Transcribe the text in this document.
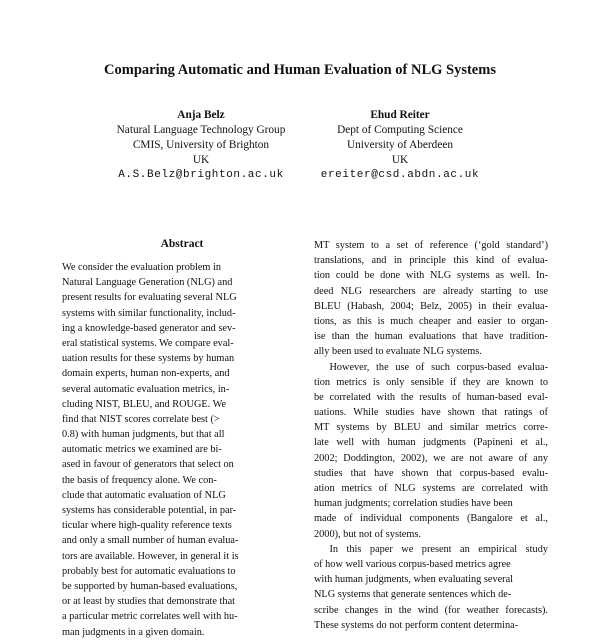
Comparing Automatic and Human Evaluation of NLG Systems
Anja Belz
Natural Language Technology Group
CMIS, University of Brighton
UK
A.S.Belz@brighton.ac.uk
Ehud Reiter
Dept of Computing Science
University of Aberdeen
UK
ereiter@csd.abdn.ac.uk
Abstract
We consider the evaluation problem in
Natural Language Generation (NLG) and
present results for evaluating several NLG
systems with similar functionality, includ-
ing a knowledge-based generator and sev-
eral statistical systems. We compare eval-
uation results for these systems by human
domain experts, human non-experts, and
several automatic evaluation metrics, in-
cluding NIST, BLEU, and ROUGE. We
find that NIST scores correlate best (>
0.8) with human judgments, but that all
automatic metrics we examined are bi-
ased in favour of generators that select on
the basis of frequency alone. We con-
clude that automatic evaluation of NLG
systems has considerable potential, in par-
ticular where high-quality reference texts
and only a small number of human evalua-
tors are available. However, in general it is
probably best for automatic evaluations to
be supported by human-based evaluations,
or at least by studies that demonstrate that
a particular metric correlates well with hu-
man judgments in a given domain.
MT system to a set of reference (‘gold standard’)
translations, and in principle this kind of evalua-
tion could be done with NLG systems as well. In-
deed NLG researchers are already starting to use
BLEU (Habash, 2004; Belz, 2005) in their evalua-
tions, as this is much cheaper and easier to organ-
ise than the human evaluations that have tradition-
ally been used to evaluate NLG systems.
  However, the use of such corpus-based evalua-
tion metrics is only sensible if they are known to
be correlated with the results of human-based eval-
uations. While studies have shown that ratings of
MT systems by BLEU and similar metrics corre-
late well with human judgments (Papineni et al.,
2002; Doddington, 2002), we are not aware of any
studies that have shown that corpus-based evalu-
ation metrics of NLG systems are correlated with
human judgments; correlation studies have been
made of individual components (Bangalore et al.,
2000), but not of systems.
  In this paper we present an empirical study
of how well various corpus-based metrics agree
with human judgments, when evaluating several
NLG systems that generate sentences which de-
scribe changes in the wind (for weather forecasts).
These systems do not perform content determina-
